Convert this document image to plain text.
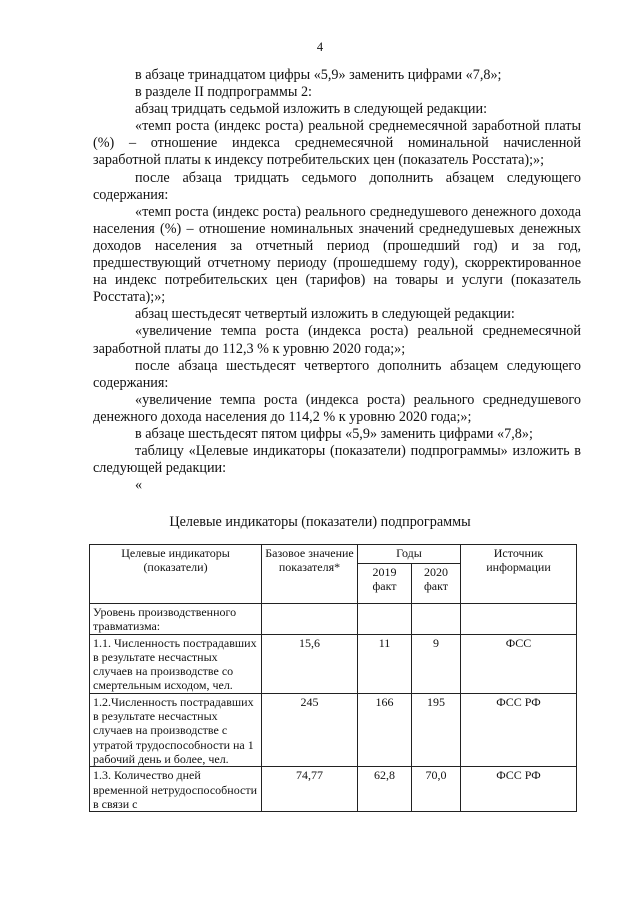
4

в абзаце тринадцатом цифры «5,9» заменить цифрами «7,8»;

в разделе II подпрограммы 2:

абзац тридцать седьмой изложить в следующей редакции:

«темп роста (индекс роста) реальной среднемесячной заработной платы (%) – отношение индекса среднемесячной номинальной начисленной заработной платы к индексу потребительских цен (показатель Росстата);»;

после абзаца тридцать седьмого дополнить абзацем следующего содержания:

«темп роста (индекс роста) реального среднедушевого денежного дохода населения (%) – отношение номинальных значений среднедушевых денежных доходов населения за отчетный период (прошедший год) и за год, предшествующий отчетному периоду (прошедшему году), скорректированное на индекс потребительских цен (тарифов) на товары и услуги (показатель Росстата);»;

абзац шестьдесят четвертый изложить в следующей редакции:

«увеличение темпа роста (индекса роста) реальной среднемесячной заработной платы до 112,3 % к уровню 2020 года;»;

после абзаца шестьдесят четвертого дополнить абзацем следующего содержания:

«увеличение темпа роста (индекса роста) реального среднедушевого денежного дохода населения до 114,2 % к уровню 2020 года;»;

в абзаце шестьдесят пятом цифры «5,9» заменить цифрами «7,8»;

таблицу «Целевые индикаторы (показатели) подпрограммы» изложить в следующей редакции:

«

Целевые индикаторы (показатели) подпрограммы
Целевые индикаторы (показатели)	Базовое значение показателя*	Годы		Источник информации
		2019 факт	2020 факт	
Уровень производственного травматизма:				
1.1. Численность пострадавших в результате несчастных случаев на производстве со смертельным исходом, чел.	15,6	11	9	ФСС
1.2.Численность пострадавших в результате несчастных случаев на производстве с утратой трудоспособности на 1 рабочий день и более, чел.	245	166	195	ФСС РФ
1.3. Количество дней временной нетрудоспособности в связи с	74,77	62,8	70,0	ФСС РФ
